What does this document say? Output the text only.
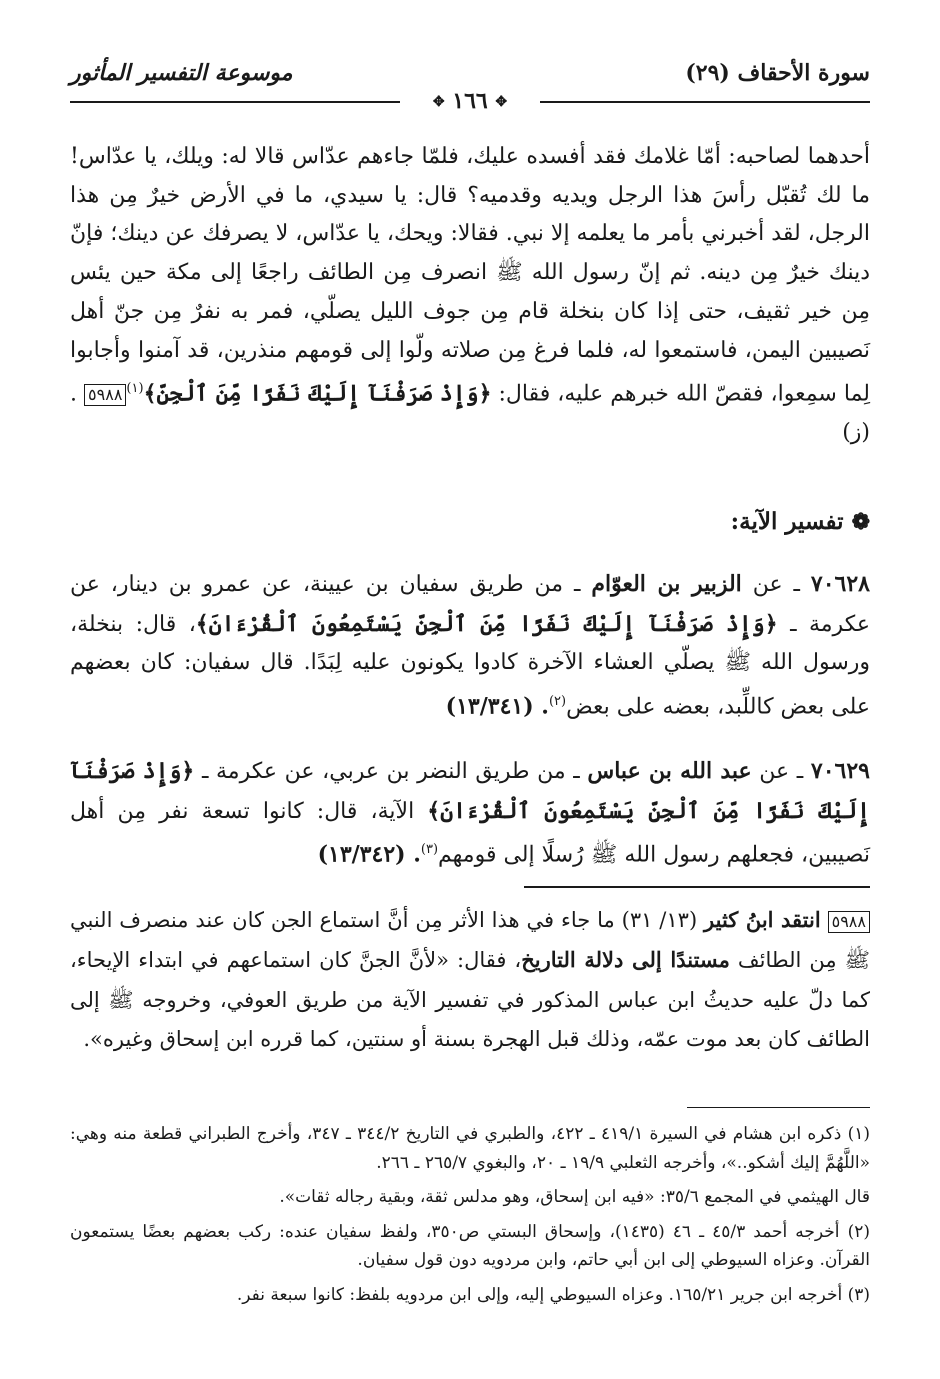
سورة الأحقاف (٢٩)
موسوعة التفسير المأثور
✥ ١٦٦ ✥
أحدهما لصاحبه: أمّا غلامك فقد أفسده عليك، فلمّا جاءهم عدّاس قالا له: ويلك، يا عدّاس! ما لك تُقبّل رأسَ هذا الرجل ويديه وقدميه؟ قال: يا سيدي، ما في الأرض خيرٌ مِن هذا الرجل، لقد أخبرني بأمر ما يعلمه إلا نبي. فقالا: ويحك، يا عدّاس، لا يصرفك عن دينك؛ فإنّ دينك خيرٌ مِن دينه. ثم إنّ رسول الله ﷺ انصرف مِن الطائف راجعًا إلى مكة حين يئس مِن خير ثقيف، حتى إذا كان بنخلة قام مِن جوف الليل يصلّي، فمر به نفرٌ مِن جنّ أهل نَصيبين اليمن، فاستمعوا له، فلما فرغ مِن صلاته ولّوا إلى قومهم منذرين، قد آمنوا وأجابوا لِما سمِعوا، فقصّ الله خبرهم عليه، فقال: ﴿وَإِذْ صَرَفْنَآ إِلَيْكَ نَفَرًا مِّنَ ٱلْجِنِّ﴾$^{(١)}$٥٩٨٨ . (ز)
❁تفسير الآية:
٧٠٦٢٨ ـ عن الزبير بن العوّام ـ من طريق سفيان بن عيينة، عن عمرو بن دينار، عن عكرمة ـ ﴿وَإِذْ صَرَفْنَآ إِلَيْكَ نَفَرًا مِّنَ ٱلْجِنِّ يَسْتَمِعُونَ ٱلْقُرْءَانَ﴾، قال: بنخلة، ورسول الله ﷺ يصلّي العشاء الآخرة كادوا يكونون عليه لِبَدًا. قال سفيان: كان بعضهم على بعض كاللِّبد، بعضه على بعض$^{(٢)}$. (١٣/٣٤١)
٧٠٦٢٩ ـ عن عبد الله بن عباس ـ من طريق النضر بن عربي، عن عكرمة ـ ﴿وَإِذْ صَرَفْنَآ إِلَيْكَ نَفَرًا مِّنَ ٱلْجِنِّ يَسْتَمِعُونَ ٱلْقُرْءَانَ﴾ الآية، قال: كانوا تسعة نفر مِن أهل نَصيبين، فجعلهم رسول الله ﷺ رُسلًا إلى قومهم$^{(٣)}$. (١٣/٣٤٢)
٥٩٨٨ انتقد ابنُ كثير (١٣/ ٣١) ما جاء في هذا الأثر مِن أنَّ استماع الجن كان عند منصرف النبي ﷺ مِن الطائف مستندًا إلى دلالة التاريخ، فقال: «لأنَّ الجنَّ كان استماعهم في ابتداء الإيحاء، كما دلّ عليه حديثُ ابن عباس المذكور في تفسير الآية من طريق العوفي، وخروجه ﷺ إلى الطائف كان بعد موت عمّه، وذلك قبل الهجرة بسنة أو سنتين، كما قرره ابن إسحاق وغيره».
(١) ذكره ابن هشام في السيرة ٤١٩/١ ـ ٤٢٢، والطبري في التاريخ ٣٤٤/٢ ـ ٣٤٧، وأخرج الطبراني قطعة منه وهي: «اللَّهُمَّ إليك أشكو..»، وأخرجه الثعلبي ١٩/٩ ـ ٢٠، والبغوي ٢٦٥/٧ ـ ٢٦٦.
قال الهيثمي في المجمع ٣٥/٦: «فيه ابن إسحاق، وهو مدلس ثقة، وبقية رجاله ثقات».
(٢) أخرجه أحمد ٤٥/٣ ـ ٤٦ (١٤٣٥)، وإسحاق البستي ص٣٥٠، ولفظ سفيان عنده: ركب بعضهم بعضًا يستمعون القرآن. وعزاه السيوطي إلى ابن أبي حاتم، وابن مردويه دون قول سفيان.
(٣) أخرجه ابن جرير ١٦٥/٢١. وعزاه السيوطي إليه، وإلى ابن مردويه بلفظ: كانوا سبعة نفر.
